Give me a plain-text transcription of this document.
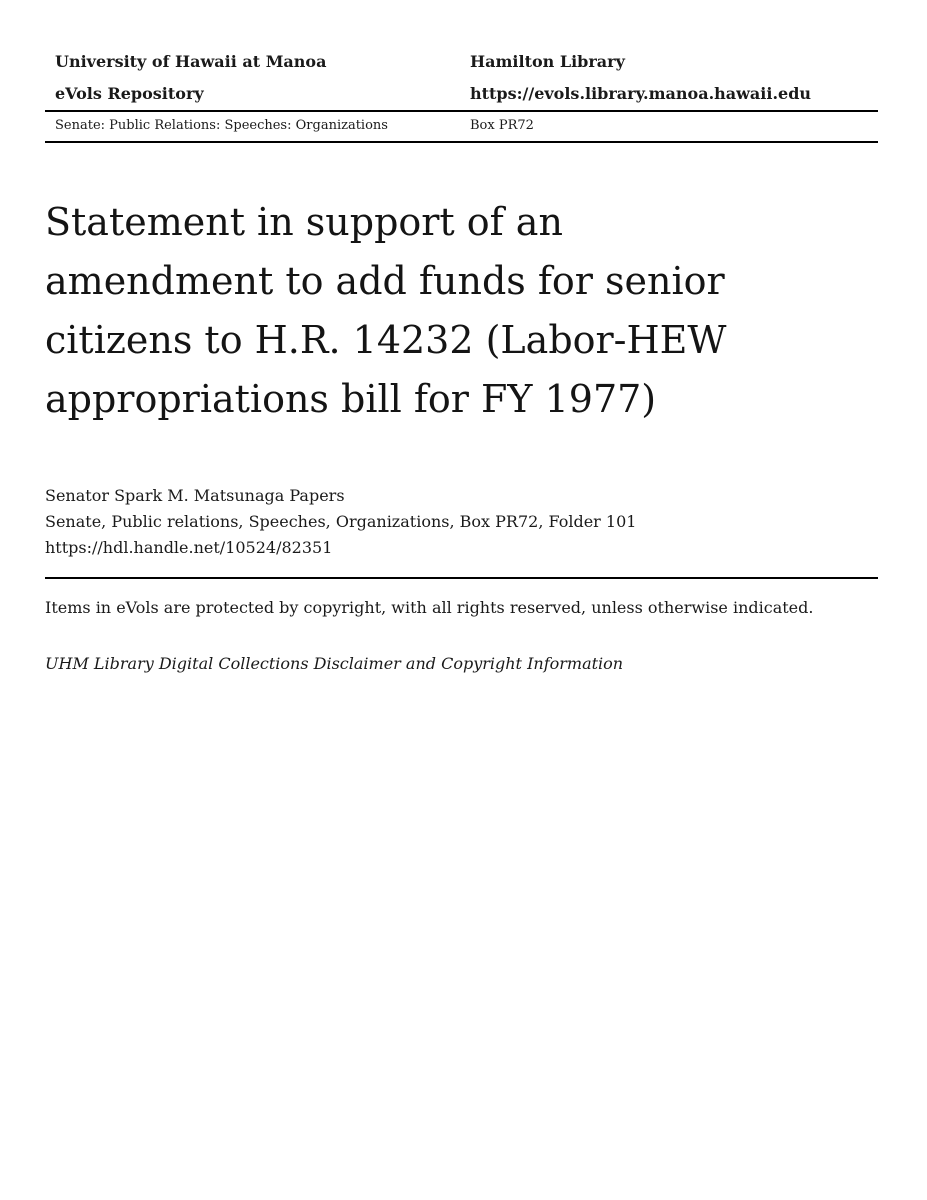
University of Hawaii at Manoa
eVols Repository
Hamilton Library
https://evols.library.manoa.hawaii.edu
Senate: Public Relations: Speeches: Organizations	Box PR72
Statement in support of an
amendment to add funds for senior
citizens to H.R. 14232 (Labor-HEW
appropriations bill for FY 1977)
Senator Spark M. Matsunaga Papers
Senate, Public relations, Speeches, Organizations, Box PR72, Folder 101
https://hdl.handle.net/10524/82351
Items in eVols are protected by copyright, with all rights reserved, unless otherwise indicated.
UHM Library Digital Collections Disclaimer and Copyright Information
